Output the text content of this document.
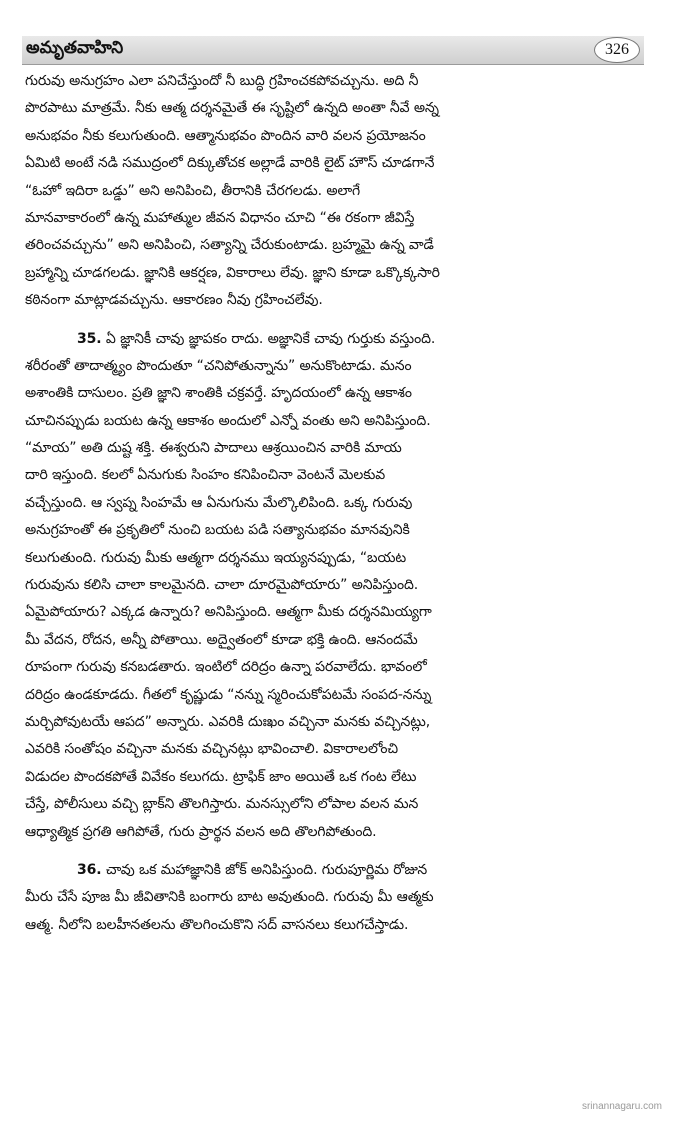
అమృతవాహిని	326
గురువు అనుగ్రహం ఎలా పనిచేస్తుందో నీ బుద్ధి గ్రహించకపోవచ్చును. అది నీ
పొరపాటు మాత్రమే. నీకు ఆత్మ దర్శనమైతే ఈ సృష్టిలో ఉన్నది అంతా నీవే అన్న
అనుభవం నీకు కలుగుతుంది. ఆత్మానుభవం పొందిన వారి వలన ప్రయోజనం
ఏమిటి అంటే నడి సముద్రంలో దిక్కుతోచక అల్లాడే వారికి లైట్ హౌస్ చూడగానే
“ఓహో ఇదిరా ఒడ్డు” అని అనిపించి, తీరానికి చేరగలడు. అలాగే
మానవాకారంలో ఉన్న మహాత్ముల జీవన విధానం చూచి “ఈ రకంగా జీవిస్తే
తరించవచ్చును” అని అనిపించి, సత్యాన్ని చేరుకుంటాడు. బ్రహ్మమై ఉన్న వాడే
బ్రహ్మాన్ని చూడగలడు. జ్ఞానికి ఆకర్షణ, వికారాలు లేవు. జ్ఞాని కూడా ఒక్కొక్కసారి
కఠినంగా మాట్లాడవచ్చును. ఆకారణం నీవు గ్రహించలేవు.
35. ఏ జ్ఞానికీ చావు జ్ఞాపకం రాదు. అజ్ఞానికే చావు గుర్తుకు వస్తుంది.
శరీరంతో తాదాత్మ్యం పొందుతూ “చనిపోతున్నాను” అనుకొంటాడు. మనం
అశాంతికి దాసులం. ప్రతి జ్ఞాని శాంతికి చక్రవర్తే. హృదయంలో ఉన్న ఆకాశం
చూచినప్పుడు బయట ఉన్న ఆకాశం అందులో ఎన్నో వంతు అని అనిపిస్తుంది.
“మాయ” అతి దుష్ట శక్తి. ఈశ్వరుని పాదాలు ఆశ్రయించిన వారికి మాయ
దారి ఇస్తుంది. కలలో ఏనుగుకు సింహం కనిపించినా వెంటనే మెలకువ
వచ్చేస్తుంది. ఆ స్వప్న సింహమే ఆ ఏనుగును మేల్కొలిపింది. ఒక్క గురువు
అనుగ్రహంతో ఈ ప్రకృతిలో నుంచి బయట పడి సత్యానుభవం మానవునికి
కలుగుతుంది. గురువు మీకు ఆత్మగా దర్శనము ఇయ్యనప్పుడు, “బయట
గురువును కలిసి చాలా కాలమైనది. చాలా దూరమైపోయారు” అనిపిస్తుంది.
ఏమైపోయారు? ఎక్కడ ఉన్నారు? అనిపిస్తుంది. ఆత్మగా మీకు దర్శనమియ్యగా
మీ వేదన, రోదన, అన్నీ పోతాయి. అద్వైతంలో కూడా భక్తి ఉంది. ఆనందమే
రూపంగా గురువు కనబడతారు. ఇంటిలో దరిద్రం ఉన్నా పరవాలేదు. భావంలో
దరిద్రం ఉండకూడదు. గీతలో కృష్ణుడు “నన్ను స్మరించుకోపటమే సంపద-నన్ను
మర్చిపోవుటయే ఆపద” అన్నారు. ఎవరికి దుఃఖం వచ్చినా మనకు వచ్చినట్లు,
ఎవరికి సంతోషం వచ్చినా మనకు వచ్చినట్లు భావించాలి. వికారాలలోంచి
విడుదల పొందకపోతే వివేకం కలుగదు. ట్రాఫిక్ జాం అయితే ఒక గంట లేటు
చేస్తే, పోలీసులు వచ్చి బ్లాక్‌ని తొలగిస్తారు. మనస్సులోని లోపాల వలన మన
ఆధ్యాత్మిక ప్రగతి ఆగిపోతే, గురు ప్రార్థన వలన అది తొలగిపోతుంది.
36. చావు ఒక మహాజ్ఞానికి జోక్ అనిపిస్తుంది. గురుపూర్ణిమ రోజున
మీరు చేసే పూజ మీ జీవితానికి బంగారు బాట అవుతుంది. గురువు మీ ఆత్మకు
ఆత్మ. నీలోని బలహీనతలను తొలగించుకొని సద్ వాసనలు కలుగచేస్తాడు.
srinannagaru.com
